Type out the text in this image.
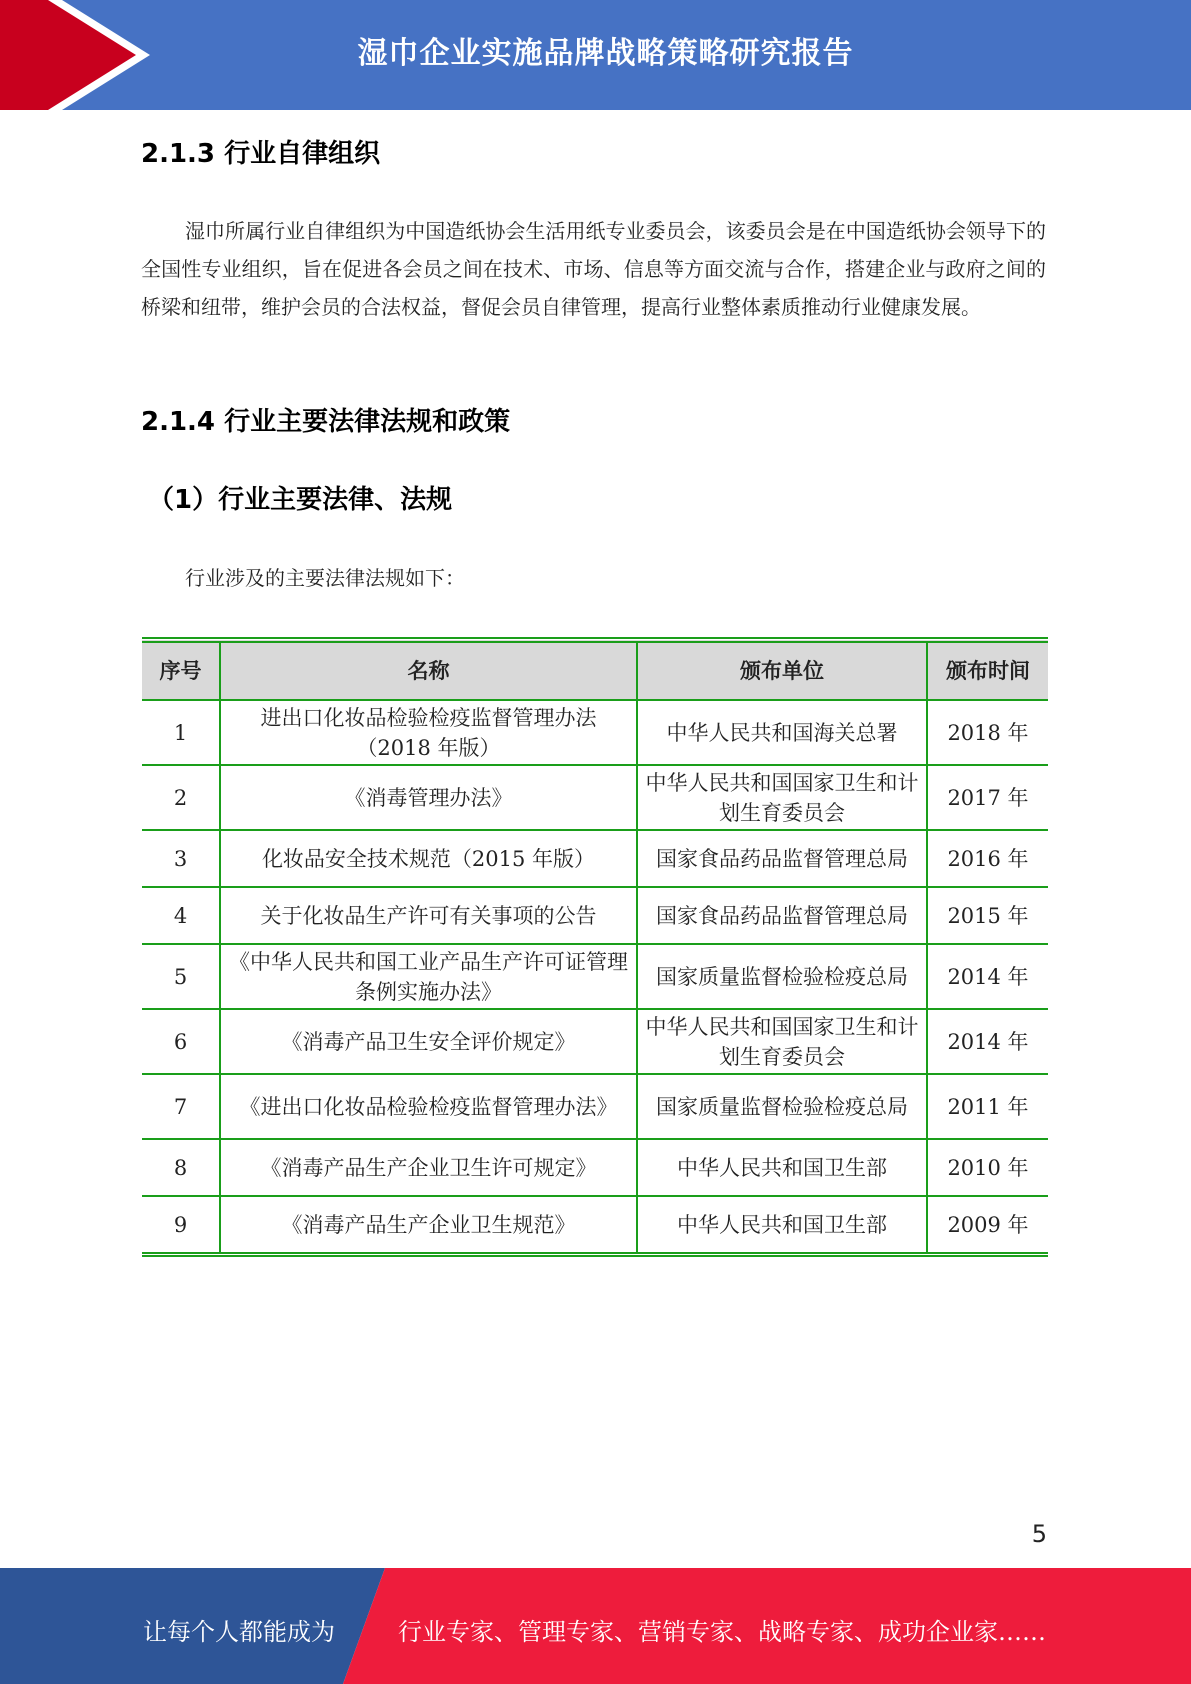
湿巾企业实施品牌战略策略研究报告
2.1.3 行业自律组织
湿巾所属行业自律组织为中国造纸协会生活用纸专业委员会，该委员会是在中国造纸协会领导下的全国性专业组织，旨在促进各会员之间在技术、市场、信息等方面交流与合作，搭建企业与政府之间的桥梁和纽带，维护会员的合法权益，督促会员自律管理，提高行业整体素质推动行业健康发展。
2.1.4 行业主要法律法规和政策
（1）行业主要法律、法规
行业涉及的主要法律法规如下：
序号	名称	颁布单位	颁布时间
1	进出口化妆品检验检疫监督管理办法（2018 年版）	中华人民共和国海关总署	2018 年
2	《消毒管理办法》	中华人民共和国国家卫生和计划生育委员会	2017 年
3	化妆品安全技术规范（2015 年版）	国家食品药品监督管理总局	2016 年
4	关于化妆品生产许可有关事项的公告	国家食品药品监督管理总局	2015 年
5	《中华人民共和国工业产品生产许可证管理条例实施办法》	国家质量监督检验检疫总局	2014 年
6	《消毒产品卫生安全评价规定》	中华人民共和国国家卫生和计划生育委员会	2014 年
7	《进出口化妆品检验检疫监督管理办法》	国家质量监督检验检疫总局	2011 年
8	《消毒产品生产企业卫生许可规定》	中华人民共和国卫生部	2010 年
9	《消毒产品生产企业卫生规范》	中华人民共和国卫生部	2009 年
5
让每个人都能成为	行业专家、管理专家、营销专家、战略专家、成功企业家……
